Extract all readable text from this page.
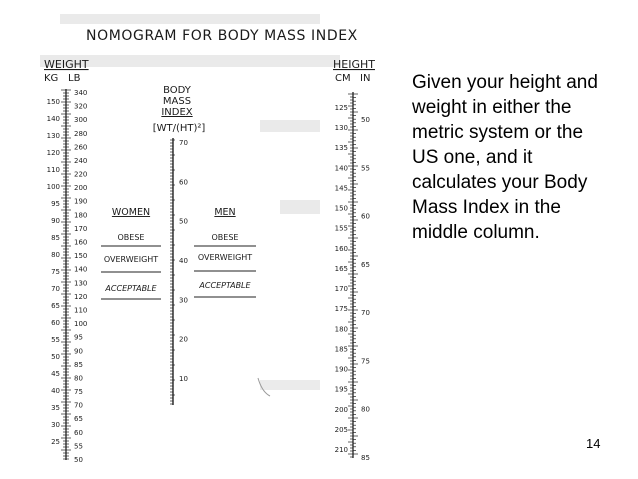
NOMOGRAM FOR BODY MASS INDEX
WEIGHT
KG LB
BODY
MASS
INDEX
[WT/(HT)²]
HEIGHT
CM IN
WOMEN	MEN
OBESE
OVERWEIGHT
ACCEPTABLE
OBESE
OVERWEIGHT
ACCEPTABLE
150
140
130
120
110
100
95
90
85
80
75
70
65
60
55
50
45
40
35
30
25
340
320
300
280
260
240
220
200
190
180
170
160
150
140
130
120
110
100
95
90
85
80
75
70
65
60
55
50
70
60
50
40
30
20
10
125
130
135
140
145
150
155
160
165
170
175
180
185
190
195
200
205
210
50
55
60
65
70
75
80
85
Given your height and
weight in either the
metric system or the
US one, and it
calculates your Body
Mass Index in the
middle column.
14
